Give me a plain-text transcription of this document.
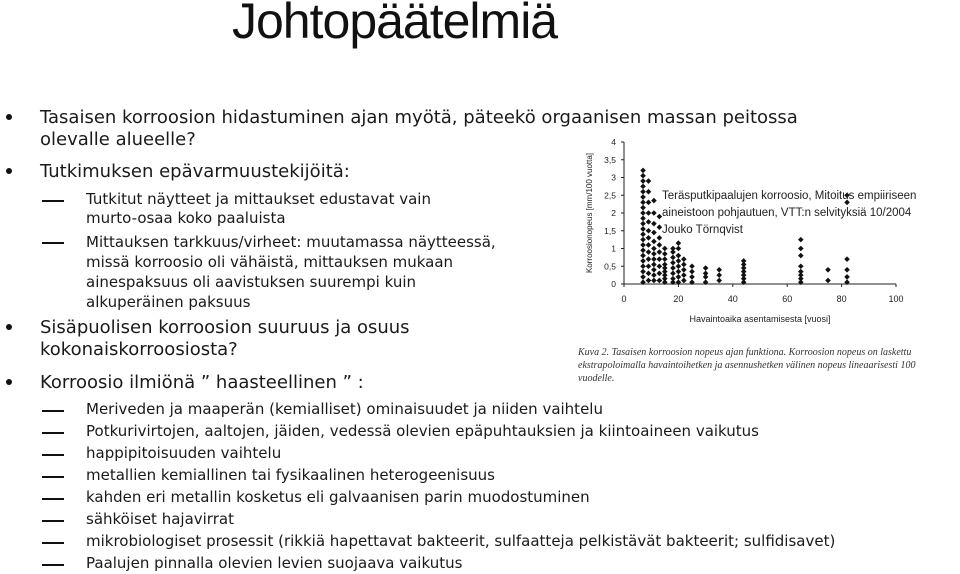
Johtopäätelmiä
Tasaisen korroosion hidastuminen ajan myötä, päteekö orgaanisen massan peitossa
olevalle alueelle?
Tutkimuksen epävarmuustekijöitä:
Tutkitut näytteet ja mittaukset edustavat vain
murto-osaa koko paaluista
Mittauksen tarkkuus/virheet: muutamassa näytteessä,
missä korroosio oli vähäistä, mittauksen mukaan
ainespaksuus oli aavistuksen suurempi kuin
alkuperäinen paksuus
Sisäpuolisen korroosion suuruus ja osuus
kokonaiskorroosiosta?
Korroosio ilmiönä ” haasteellinen ” :
Meriveden ja maaperän (kemialliset) ominaisuudet ja niiden vaihtelu
Potkurivirtojen, aaltojen, jäiden, vedessä olevien epäpuhtauksien ja kiintoaineen vaikutus
happipitoisuuden vaihtelu
metallien kemiallinen tai fysikaalinen heterogeenisuus
kahden eri metallin kosketus eli galvaanisen parin muodostuminen
sähköiset hajavirrat
mikrobiologiset prosessit (rikkiä hapettavat bakteerit, sulfaatteja pelkistävät bakteerit; sulfidisavet)
Paalujen pinnalla olevien levien suojaava vaikutus
0
0,5
1
1,5
2
2,5
3
3,5
4
0	20	40	60	80	100
Havaintoaika asentamisesta [vuosi]
Korroosionopeus [mm/100 vuotta]	Teräsputkipaalujen korroosio, Mitoitus empiiriseen
aineistoon pohjautuen, VTT:n selvityksiä 10/2004
Jouko Törnqvist
Kuva 2. Tasaisen korroosion nopeus ajan funktiona. Korroosion nopeus on laskettu ekstrapoloimalla havaintoihetken ja asennushetken välinen nopeus lineaarisesti 100 vuodelle.
